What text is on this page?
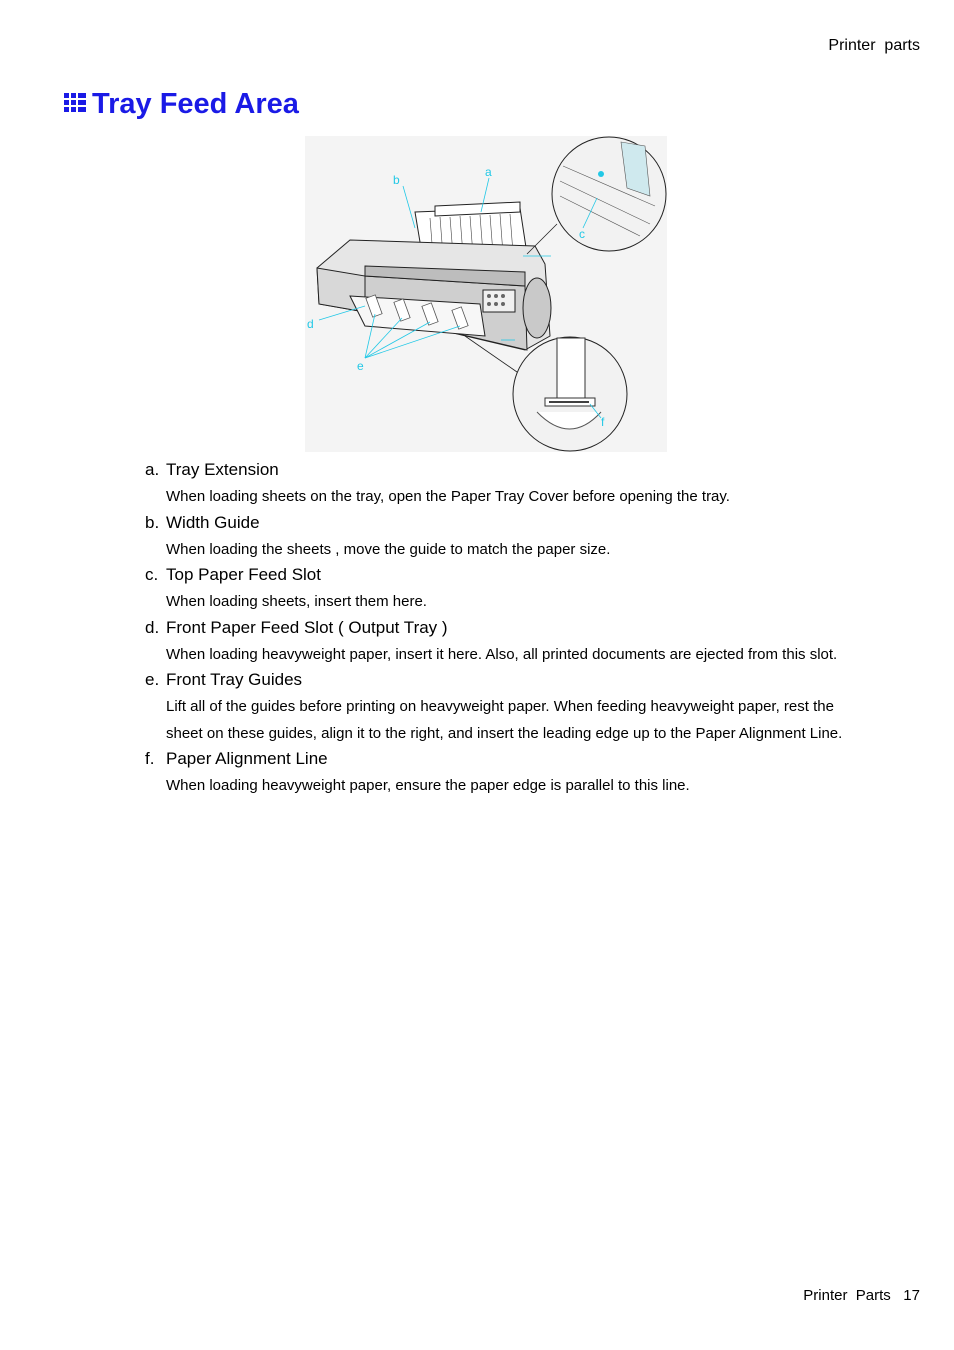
Printer  parts
Tray Feed Area
a
b
c
d
e
f
a. Tray Extension
When loading sheets on the tray, open the Paper Tray Cover before opening the tray.
b. Width Guide
When loading the sheets , move the guide to match the paper size.
c. Top Paper Feed Slot
When loading sheets, insert them here.
d. Front Paper Feed Slot ( Output Tray )
When loading heavyweight paper, insert it here. Also, all printed documents are ejected from this slot.
e. Front Tray Guides
Lift all of the guides before printing on heavyweight paper. When feeding heavyweight paper, rest the sheet on these guides, align it to the right, and insert the leading edge up to the Paper Alignment Line.
f. Paper Alignment Line
When loading heavyweight paper, ensure the paper edge is parallel to this line.
Printer  Parts   17
